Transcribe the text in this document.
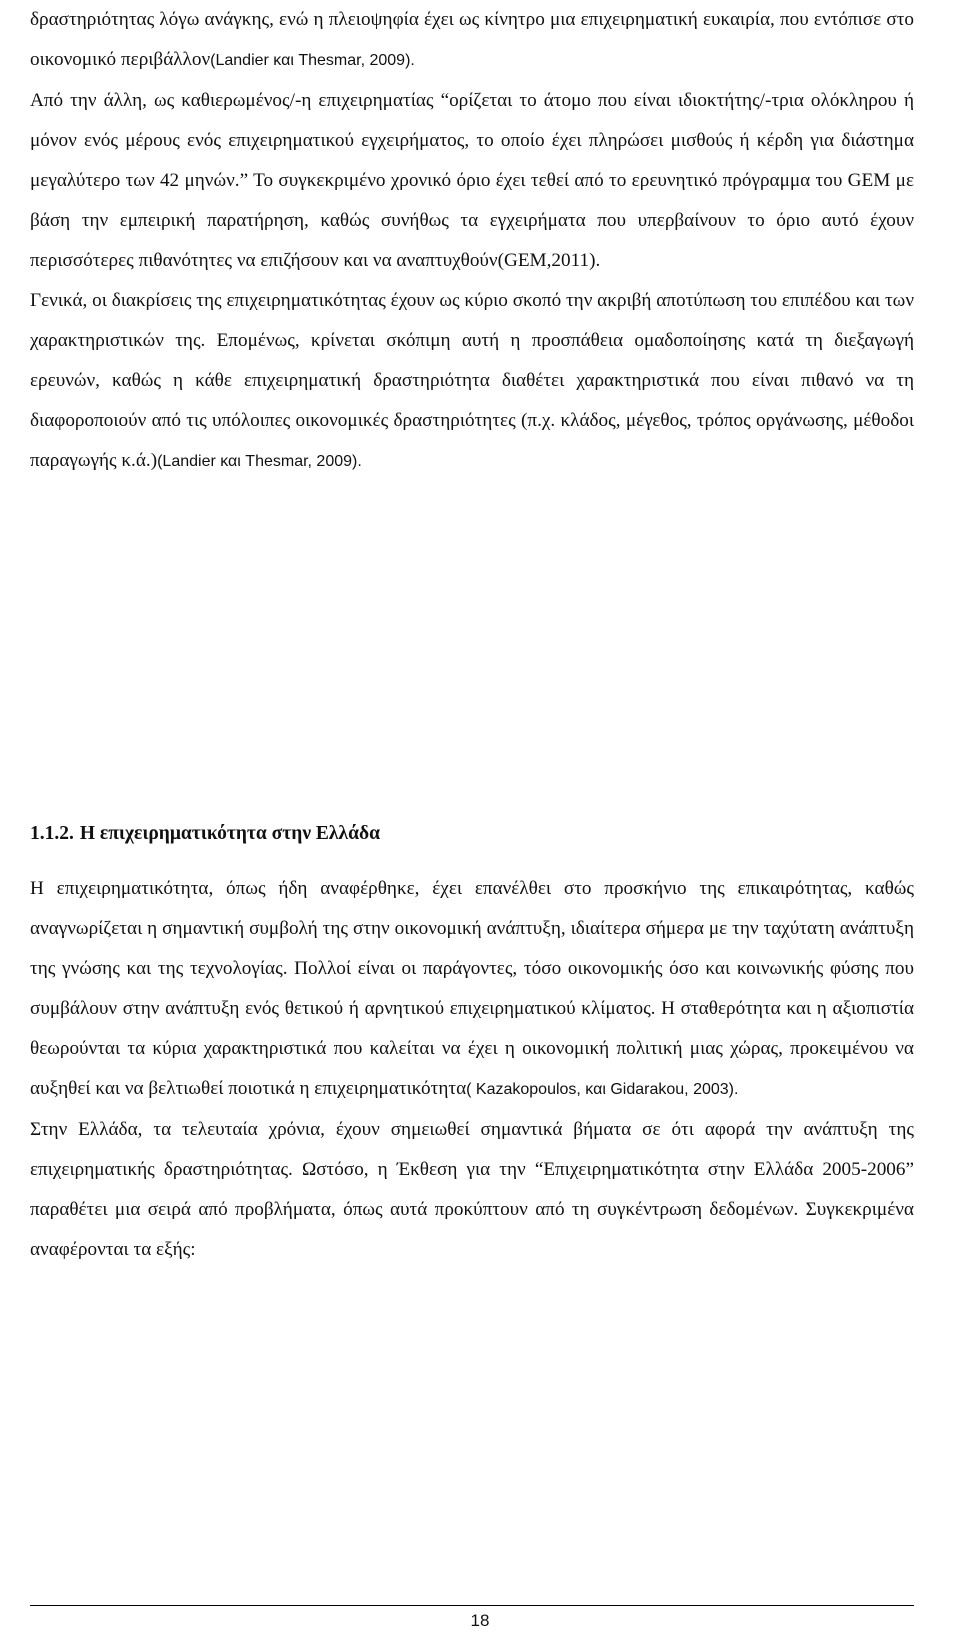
δραστηριότητας λόγω ανάγκης, ενώ η πλειοψηφία έχει ως κίνητρο μια επιχειρηματική ευκαιρία, που εντόπισε στο οικονομικό περιβάλλον(Landier και Thesmar, 2009).

Από την άλλη, ως καθιερωμένος/-η επιχειρηματίας “ορίζεται το άτομο που είναι ιδιοκτήτης/-τρια ολόκληρου ή μόνον ενός μέρους ενός επιχειρηματικού εγχειρήματος, το οποίο έχει πληρώσει μισθούς ή κέρδη για διάστημα μεγαλύτερο των 42 μηνών.” Το συγκεκριμένο χρονικό όριο έχει τεθεί από το ερευνητικό πρόγραμμα του GEM με βάση την εμπειρική παρατήρηση, καθώς συνήθως τα εγχειρήματα που υπερβαίνουν το όριο αυτό έχουν περισσότερες πιθανότητες να επιζήσουν και να αναπτυχθούν(GEM,2011).

Γενικά, οι διακρίσεις της επιχειρηματικότητας έχουν ως κύριο σκοπό την ακριβή αποτύπωση του επιπέδου και των χαρακτηριστικών της. Επομένως, κρίνεται σκόπιμη αυτή η προσπάθεια ομαδοποίησης κατά τη διεξαγωγή ερευνών, καθώς η κάθε επιχειρηματική δραστηριότητα διαθέτει χαρακτηριστικά που είναι πιθανό να τη διαφοροποιούν από τις υπόλοιπες οικονομικές δραστηριότητες (π.χ. κλάδος, μέγεθος, τρόπος οργάνωσης, μέθοδοι παραγωγής κ.ά.)(Landier και Thesmar, 2009).

1.1.2. Η επιχειρηματικότητα στην Ελλάδα

Η επιχειρηματικότητα, όπως ήδη αναφέρθηκε, έχει επανέλθει στο προσκήνιο της επικαιρότητας, καθώς αναγνωρίζεται η σημαντική συμβολή της στην οικονομική ανάπτυξη, ιδιαίτερα σήμερα με την ταχύτατη ανάπτυξη της γνώσης και της τεχνολογίας. Πολλοί είναι οι παράγοντες, τόσο οικονομικής όσο και κοινωνικής φύσης που συμβάλουν στην ανάπτυξη ενός θετικού ή αρνητικού επιχειρηματικού κλίματος. Η σταθερότητα και η αξιοπιστία θεωρούνται τα κύρια χαρακτηριστικά που καλείται να έχει η οικονομική πολιτική μιας χώρας, προκειμένου να αυξηθεί και να βελτιωθεί ποιοτικά η επιχειρηματικότητα( Kazakopoulos, και Gidarakou, 2003).

Στην Ελλάδα, τα τελευταία χρόνια, έχουν σημειωθεί σημαντικά βήματα σε ότι αφορά την ανάπτυξη της επιχειρηματικής δραστηριότητας. Ωστόσο, η Έκθεση για την “Επιχειρηματικότητα στην Ελλάδα 2005-2006” παραθέτει μια σειρά από προβλήματα, όπως αυτά προκύπτουν από τη συγκέντρωση δεδομένων. Συγκεκριμένα αναφέρονται τα εξής:

18
